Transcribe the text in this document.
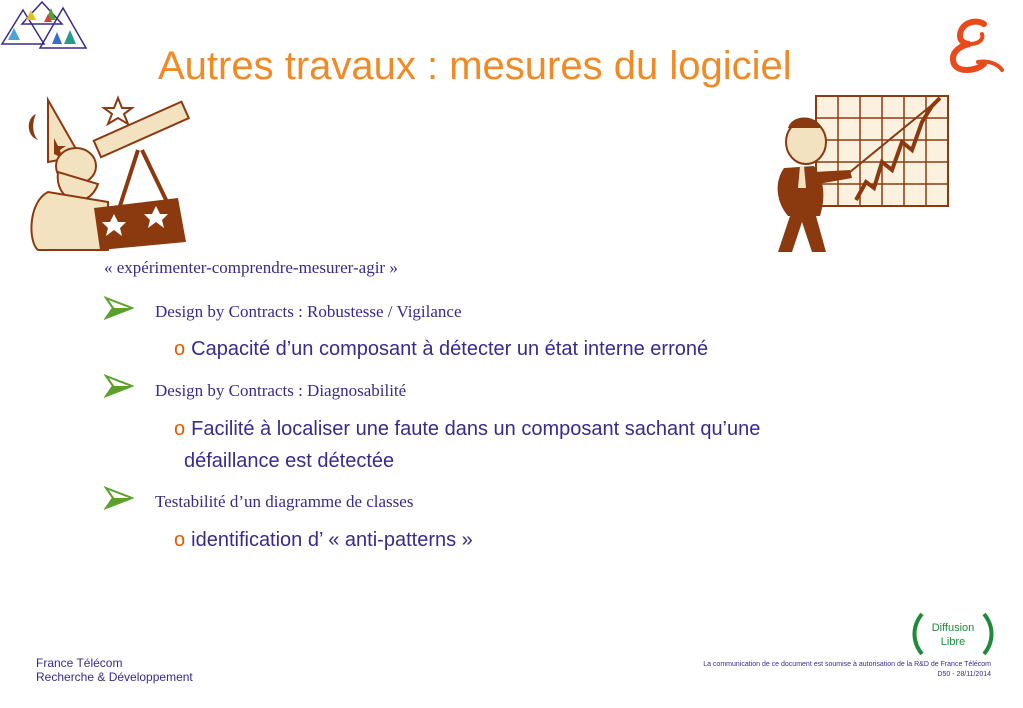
Autres travaux : mesures du logiciel
« expérimenter-comprendre-mesurer-agir »
Design by Contracts : Robustesse / Vigilance
o Capacité d’un composant à détecter un état interne erroné
Design by Contracts : Diagnosabilité
o Facilité à localiser une faute dans un composant sachant qu’une
défaillance est détectée
Testabilité d’un diagramme de classes
o identification d’ « anti-patterns »
Diffusion
Libre
France Télécom
Recherche & Développement
La communication de ce document est soumise à autorisation de la R&D de France Télécom
D50 - 28/11/2014
